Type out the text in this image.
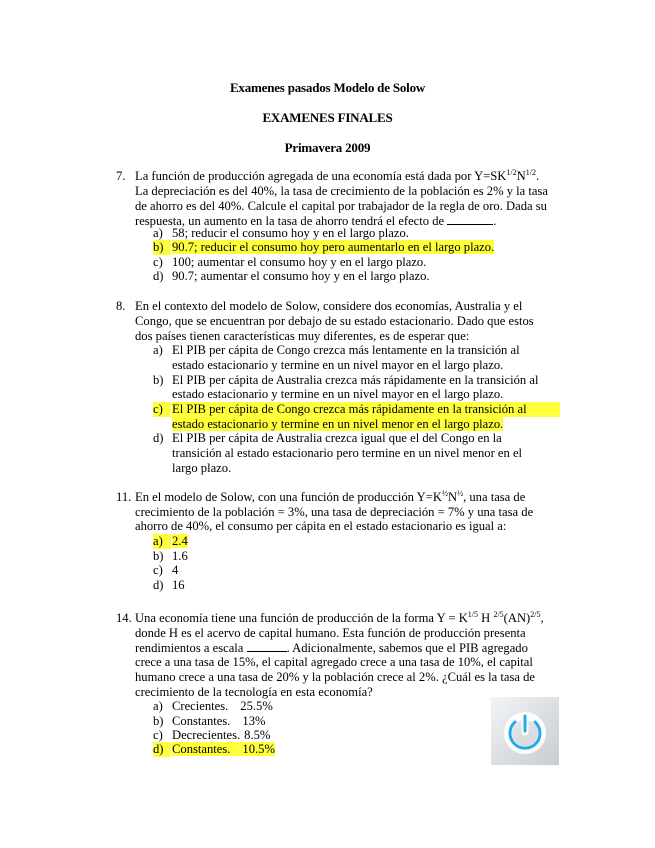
Examenes pasados Modelo de Solow
EXAMENES FINALES
Primavera 2009
7. La función de producción agregada de una economía está dada por $Y=SK^{1/2}N^{1/2}$.
La depreciación es del 40%, la tasa de crecimiento de la población es 2% y la tasa
de ahorro es del 40%. Calcule el capital por trabajador de la regla de oro. Dada su
respuesta, un aumento en la tasa de ahorro tendrá el efecto de	.
a) 58; reducir el consumo hoy y en el largo plazo.
b) 90.7; reducir el consumo hoy pero aumentarlo en el largo plazo.
c) 100; aumentar el consumo hoy y en el largo plazo.
d) 90.7; aumentar el consumo hoy y en el largo plazo.
8. En el contexto del modelo de Solow, considere dos economías, Australia y el
Congo, que se encuentran por debajo de su estado estacionario. Dado que estos
dos países tienen características muy diferentes, es de esperar que:
a) El PIB per cápita de Congo crezca más lentamente en la transición al
estado estacionario y termine en un nivel mayor en el largo plazo.
b) El PIB per cápita de Australia crezca más rápidamente en la transición al
estado estacionario y termine en un nivel mayor en el largo plazo.
c) El PIB per cápita de Congo crezca más rápidamente en la transición al
estado estacionario y termine en un nivel menor en el largo plazo.
d) El PIB per cápita de Australia crezca igual que el del Congo en la
transición al estado estacionario pero termine en un nivel menor en el
largo plazo.
11. En el modelo de Solow, con una función de producción $Y=K^{\frac{1}{2}}N^{\frac{1}{2}}$, una tasa de
crecimiento de la población = 3%, una tasa de depreciación = 7% y una tasa de
ahorro de 40%, el consumo per cápita en el estado estacionario es igual a:
a) 2.4
b) 1.6
c) 4
d) 16
14. Una economía tiene una función de producción de la forma $Y = K^{1/5}$ H $^{2/5}$(AN)$^{2/5}$,
donde H es el acervo de capital humano. Esta función de producción presenta
rendimientos a escala	. Adicionalmente, sabemos que el PIB agregado
crece a una tasa de 15%, el capital agregado crece a una tasa de 10%, el capital
humano crece a una tasa de 20% y la población crece al 2%. ¿Cuál es la tasa de
crecimiento de la tecnología en esta economía?
a) Crecientes. 25.5%
b) Constantes. 13%
c) Decrecientes. 8.5%
d) Constantes. 10.5%
